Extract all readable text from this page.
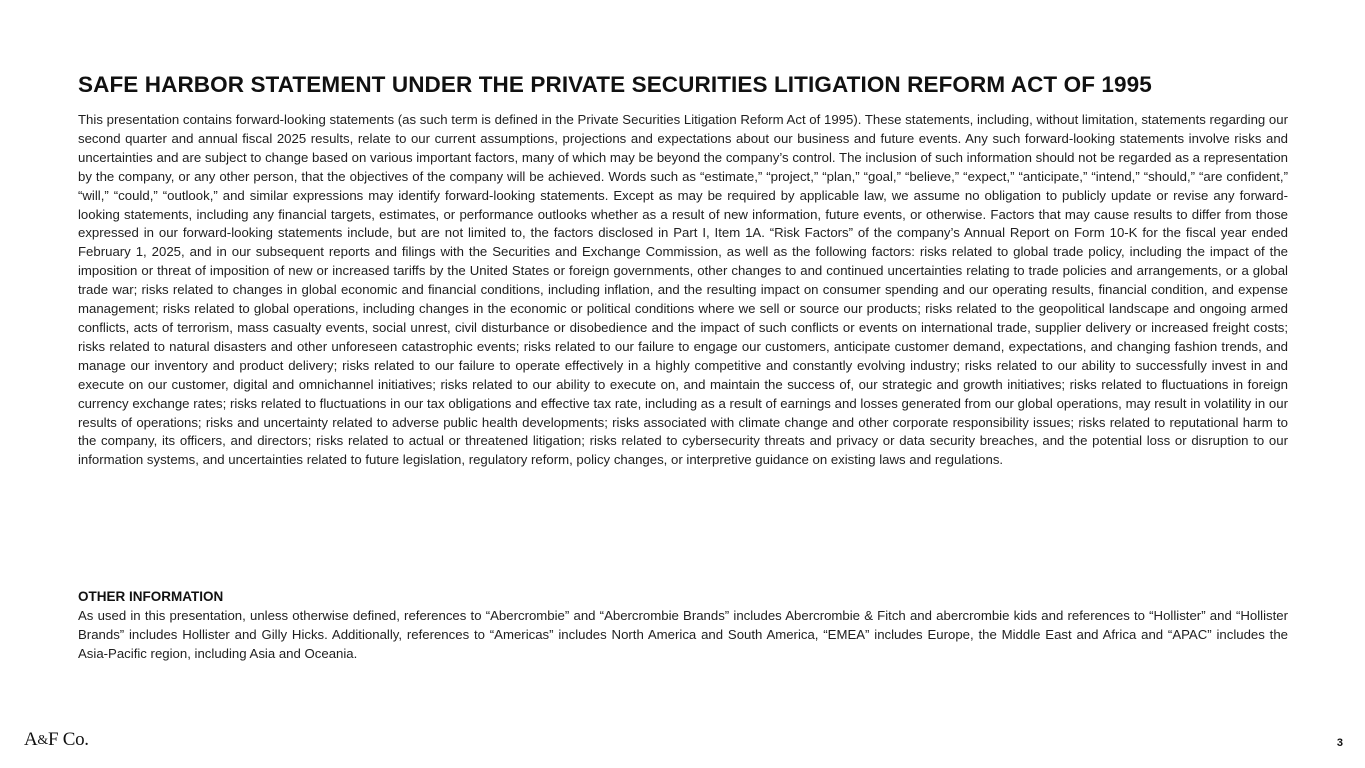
SAFE HARBOR STATEMENT UNDER THE PRIVATE SECURITIES LITIGATION REFORM ACT OF 1995

This presentation contains forward-looking statements (as such term is defined in the Private Securities Litigation Reform Act of 1995). These statements, including, without limitation, statements regarding our second quarter and annual fiscal 2025 results, relate to our current assumptions, projections and expectations about our business and future events. Any such forward-looking statements involve risks and uncertainties and are subject to change based on various important factors, many of which may be beyond the company’s control. The inclusion of such information should not be regarded as a representation by the company, or any other person, that the objectives of the company will be achieved. Words such as “estimate,” “project,” “plan,” “goal,” “believe,” “expect,” “anticipate,” “intend,” “should,” “are confident,” “will,” “could,” “outlook,” and similar expressions may identify forward-looking statements. Except as may be required by applicable law, we assume no obligation to publicly update or revise any forward-looking statements, including any financial targets, estimates, or performance outlooks whether as a result of new information, future events, or otherwise. Factors that may cause results to differ from those expressed in our forward-looking statements include, but are not limited to, the factors disclosed in Part I, Item 1A. “Risk Factors” of the company’s Annual Report on Form 10-K for the fiscal year ended February 1, 2025, and in our subsequent reports and filings with the Securities and Exchange Commission, as well as the following factors: risks related to global trade policy, including the impact of the imposition or threat of imposition of new or increased tariffs by the United States or foreign governments, other changes to and continued uncertainties relating to trade policies and arrangements, or a global trade war; risks related to changes in global economic and financial conditions, including inflation, and the resulting impact on consumer spending and our operating results, financial condition, and expense management; risks related to global operations, including changes in the economic or political conditions where we sell or source our products; risks related to the geopolitical landscape and ongoing armed conflicts, acts of terrorism, mass casualty events, social unrest, civil disturbance or disobedience and the impact of such conflicts or events on international trade, supplier delivery or increased freight costs; risks related to natural disasters and other unforeseen catastrophic events; risks related to our failure to engage our customers, anticipate customer demand, expectations, and changing fashion trends, and manage our inventory and product delivery; risks related to our failure to operate effectively in a highly competitive and constantly evolving industry; risks related to our ability to successfully invest in and execute on our customer, digital and omnichannel initiatives; risks related to our ability to execute on, and maintain the success of, our strategic and growth initiatives; risks related to fluctuations in foreign currency exchange rates; risks related to fluctuations in our tax obligations and effective tax rate, including as a result of earnings and losses generated from our global operations, may result in volatility in our results of operations; risks and uncertainty related to adverse public health developments; risks associated with climate change and other corporate responsibility issues; risks related to reputational harm to the company, its officers, and directors; risks related to actual or threatened litigation; risks related to cybersecurity threats and privacy or data security breaches, and the potential loss or disruption to our information systems, and uncertainties related to future legislation, regulatory reform, policy changes, or interpretive guidance on existing laws and regulations.

OTHER INFORMATION

As used in this presentation, unless otherwise defined, references to “Abercrombie” and “Abercrombie Brands” includes Abercrombie & Fitch and abercrombie kids and references to “Hollister” and “Hollister Brands” includes Hollister and Gilly Hicks. Additionally, references to “Americas” includes North America and South America, “EMEA” includes Europe, the Middle East and Africa and “APAC” includes the Asia-Pacific region, including Asia and Oceania.

A&F Co.	3
